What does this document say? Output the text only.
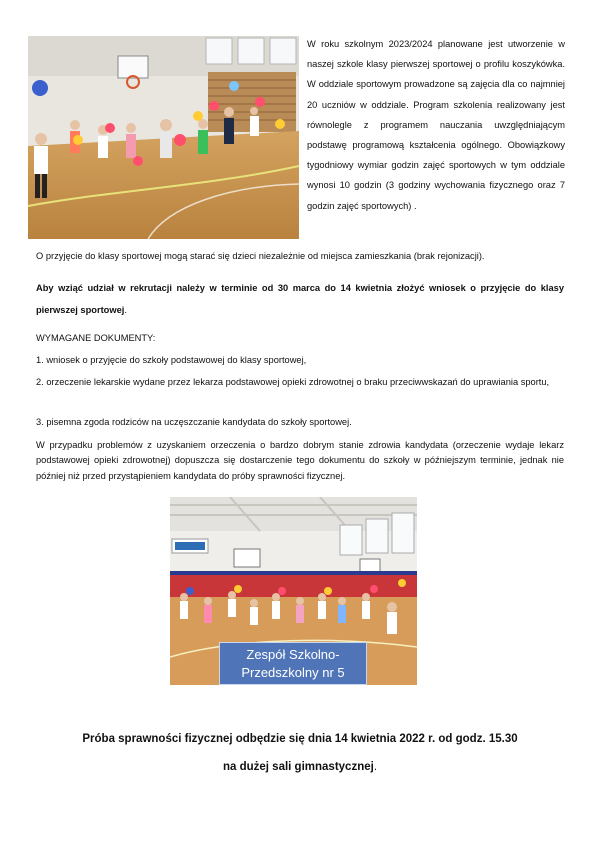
W roku szkolnym 2023/2024 planowane jest utworzenie w naszej szkole klasy pierwszej sportowej o profilu koszykówka. W oddziale sportowym prowadzone są zajęcia dla co najmniej 20 uczniów w oddziale. Program szkolenia realizowany jest równolegle z programem nauczania uwzględniającym podstawę programową kształcenia ogólnego. Obowiązkowy tygodniowy wymiar godzin zajęć sportowych w tym oddziale wynosi 10 godzin (3 godziny wychowania fizycznego oraz 7 godzin zajęć sportowych) .

O przyjęcie do klasy sportowej mogą starać się dzieci niezależnie od miejsca zamieszkania (brak rejonizacji).

Aby wziąć udział w rekrutacji należy w terminie od 30 marca do 14 kwietnia złożyć wniosek o przyjęcie do klasy pierwszej sportowej.

WYMAGANE DOKUMENTY:

1. wniosek o przyjęcie do szkoły podstawowej do klasy sportowej,

2. orzeczenie lekarskie wydane przez lekarza podstawowej opieki zdrowotnej o braku przeciwwskazań do uprawiania sportu,

3. pisemna zgoda rodziców na uczęszczanie kandydata do szkoły sportowej.

W przypadku problemów z uzyskaniem orzeczenia o bardzo dobrym stanie zdrowia kandydata (orzeczenie wydaje lekarz podstawowej opieki zdrowotnej) dopuszcza się dostarczenie tego dokumentu do szkoły w późniejszym terminie, jednak nie później niż przed przystąpieniem kandydata do próby sprawności fizycznej.

Zespół Szkolno-
Przedszkolny nr 5

Próba sprawności fizycznej odbędzie się dnia 14 kwietnia 2022 r. od godz. 15.30

na dużej sali gimnastycznej.
